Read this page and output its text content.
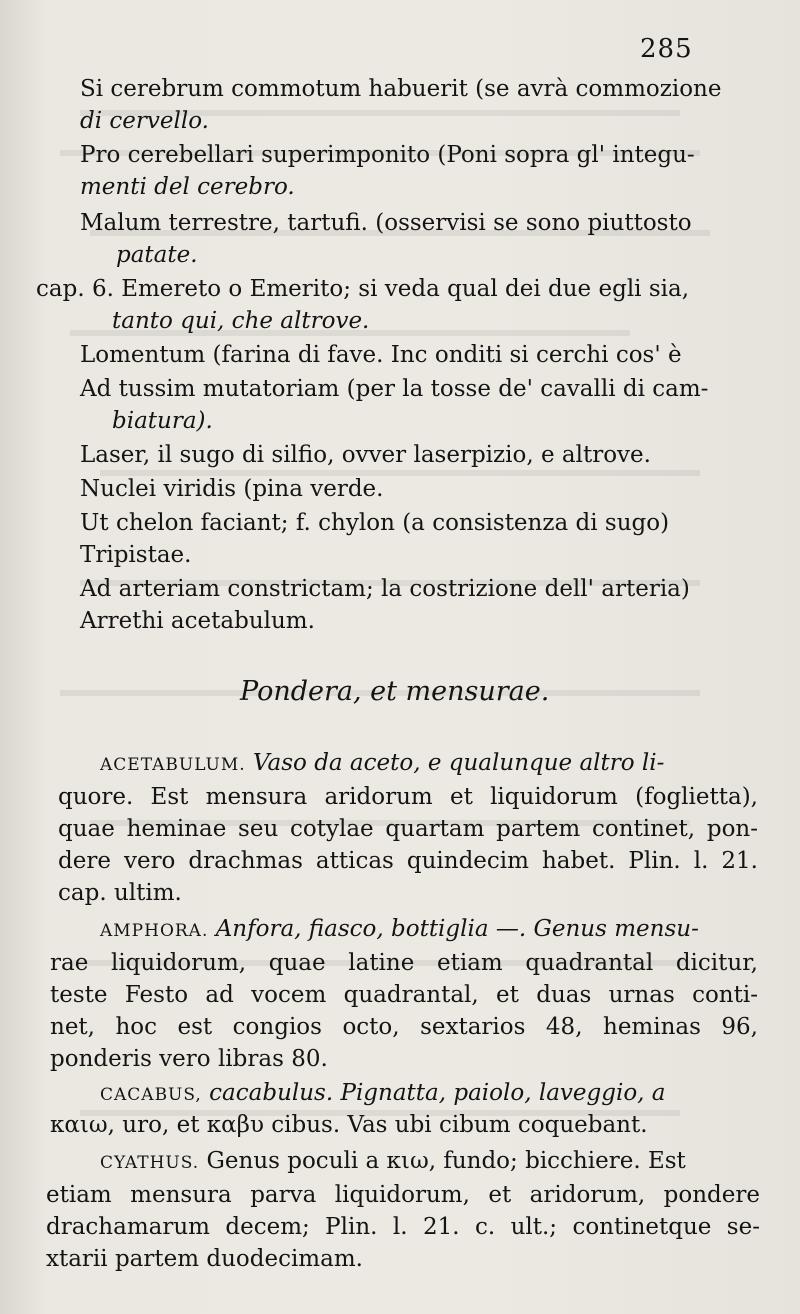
285
Si cerebrum commotum habuerit (se avrà commozione
di cervello.
Pro cerebellari superimponito (Poni sopra gl' integu-
menti del cerebro.
Malum terrestre, tartufi. (osservisi se sono piuttosto
patate.
cap. 6. Emereto o Emerito; si veda qual dei due egli sia,
tanto qui, che altrove.
Lomentum (farina di fave. Inc onditi si cerchi cos' è
Ad tussim mutatoriam (per la tosse de' cavalli di cam-
biatura).
Laser, il sugo di silfio, ovver laserpizio, e altrove.
Nuclei viridis (pina verde.
Ut chelon faciant; f. chylon (a consistenza di sugo)
Tripistae.
Ad arteriam constrictam; la costrizione dell' arteria)
Arrethi acetabulum.
Pondera, et mensurae.
ACETABULUM. Vaso da aceto, e qualunque altro li-
quore. Est mensura aridorum et liquidorum (foglietta),
quae heminae seu cotylae quartam partem continet, pon-
dere vero drachmas atticas quindecim habet. Plin. l. 21.
cap. ultim.
AMPHORA. Anfora, fiasco, bottiglia —. Genus mensu-
rae liquidorum, quae latine etiam quadrantal dicitur,
teste Festo ad vocem quadrantal, et duas urnas conti-
net, hoc est congios octo, sextarios 48, heminas 96,
ponderis vero libras 80.
CACABUS, cacabulus. Pignatta, paiolo, laveggio, a
καιω, uro, et καβυ cibus. Vas ubi cibum coquebant.
CYATHUS. Genus poculi a κιω, fundo; bicchiere. Est
etiam mensura parva liquidorum, et aridorum, pondere
drachamarum decem; Plin. l. 21. c. ult.; continetque se-
xtarii partem duodecimam.
